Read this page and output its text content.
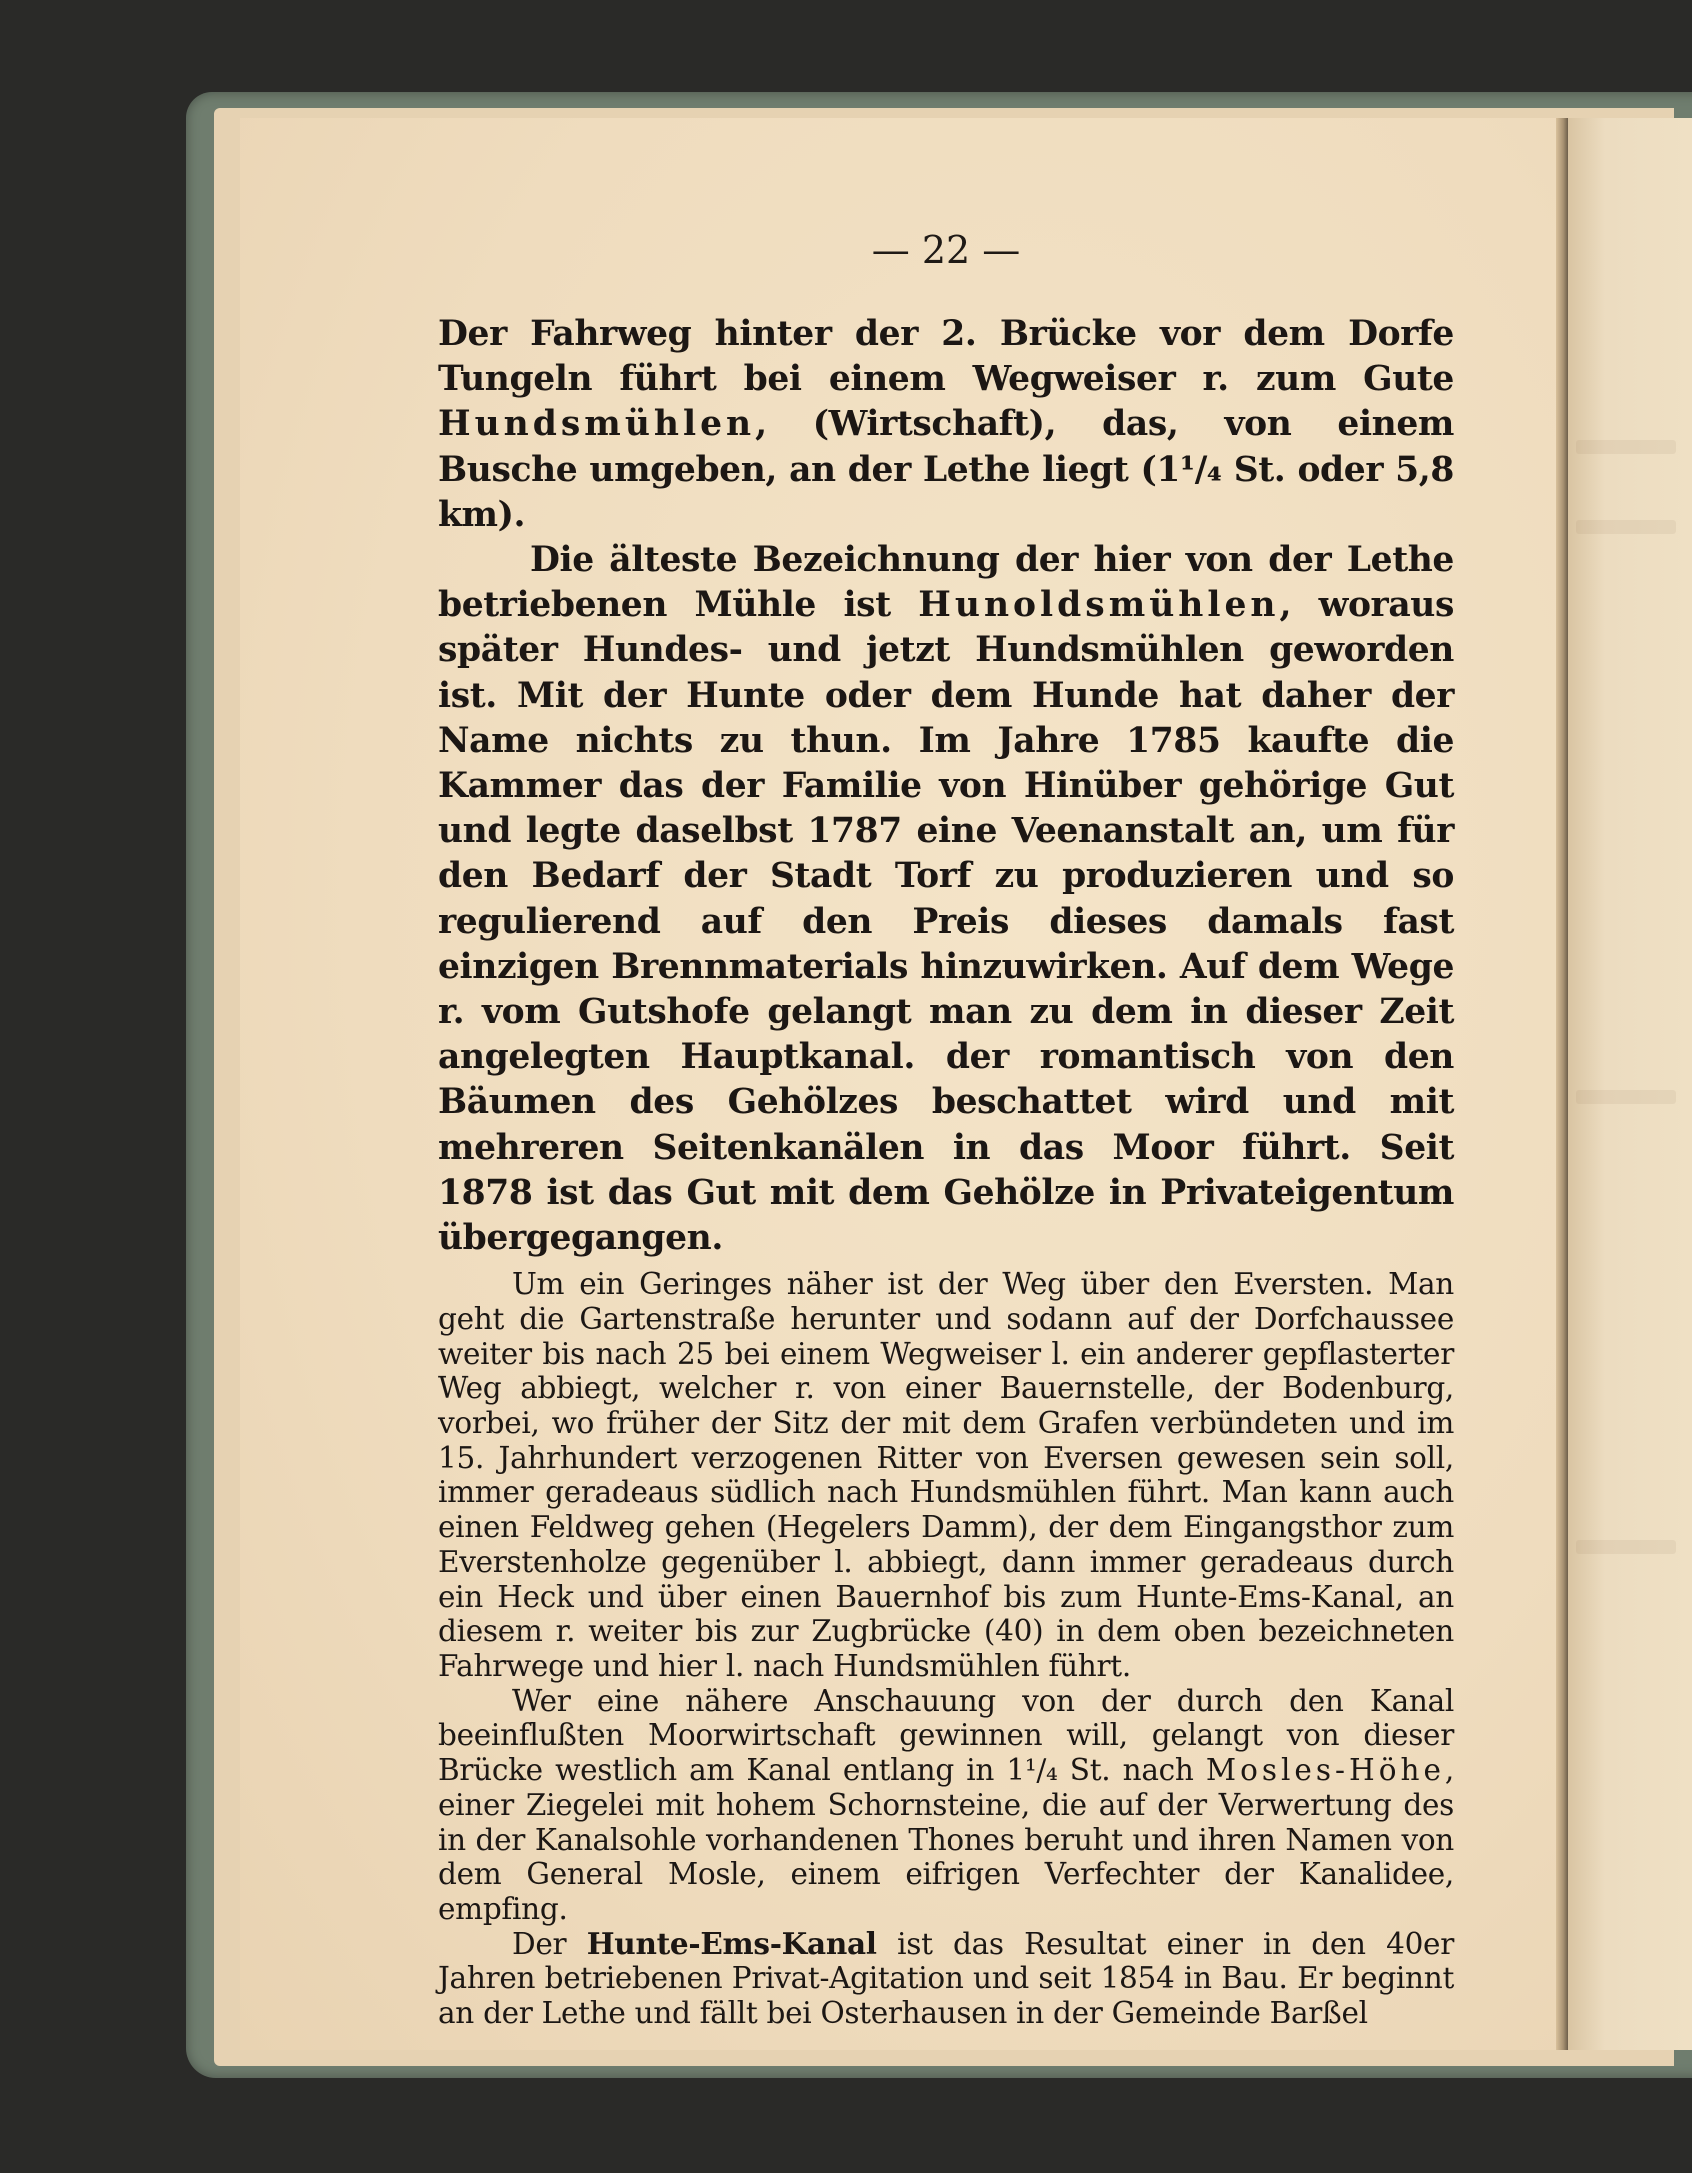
— 22 —

Der Fahrweg hinter der 2. Brücke vor dem Dorfe Tungeln führt bei einem Wegweiser r. zum Gute Hundsmühlen, (Wirtschaft), das, von einem Busche umgeben, an der Lethe liegt (1¹/₄ St. oder 5,8 km).

Die älteste Bezeichnung der hier von der Lethe betriebenen Mühle ist Hunoldsmühlen, woraus später Hundes- und jetzt Hundsmühlen geworden ist. Mit der Hunte oder dem Hunde hat daher der Name nichts zu thun. Im Jahre 1785 kaufte die Kammer das der Familie von Hinüber gehörige Gut und legte daselbst 1787 eine Veenanstalt an, um für den Bedarf der Stadt Torf zu produzieren und so regulierend auf den Preis dieses damals fast einzigen Brennmaterials hinzuwirken. Auf dem Wege r. vom Gutshofe gelangt man zu dem in dieser Zeit angelegten Hauptkanal. der romantisch von den Bäumen des Gehölzes beschattet wird und mit mehreren Seitenkanälen in das Moor führt. Seit 1878 ist das Gut mit dem Gehölze in Privateigentum übergegangen.

Um ein Geringes näher ist der Weg über den Eversten. Man geht die Gartenstraße herunter und sodann auf der Dorfchaussee weiter bis nach 25 bei einem Wegweiser l. ein anderer gepflasterter Weg abbiegt, welcher r. von einer Bauernstelle, der Bodenburg, vorbei, wo früher der Sitz der mit dem Grafen verbündeten und im 15. Jahrhundert verzogenen Ritter von Eversen gewesen sein soll, immer geradeaus südlich nach Hundsmühlen führt. Man kann auch einen Feldweg gehen (Hegelers Damm), der dem Eingangsthor zum Everstenholze gegenüber l. abbiegt, dann immer geradeaus durch ein Heck und über einen Bauernhof bis zum Hunte-Ems-Kanal, an diesem r. weiter bis zur Zugbrücke (40) in dem oben bezeichneten Fahrwege und hier l. nach Hundsmühlen führt.

Wer eine nähere Anschauung von der durch den Kanal beeinflußten Moorwirtschaft gewinnen will, gelangt von dieser Brücke westlich am Kanal entlang in 1¹/₄ St. nach Mosles-Höhe, einer Ziegelei mit hohem Schornsteine, die auf der Verwertung des in der Kanalsohle vorhandenen Thones beruht und ihren Namen von dem General Mosle, einem eifrigen Verfechter der Kanalidee, empfing.

Der Hunte-Ems-Kanal ist das Resultat einer in den 40er Jahren betriebenen Privat-Agitation und seit 1854 in Bau. Er beginnt an der Lethe und fällt bei Osterhausen in der Gemeinde Barßel
